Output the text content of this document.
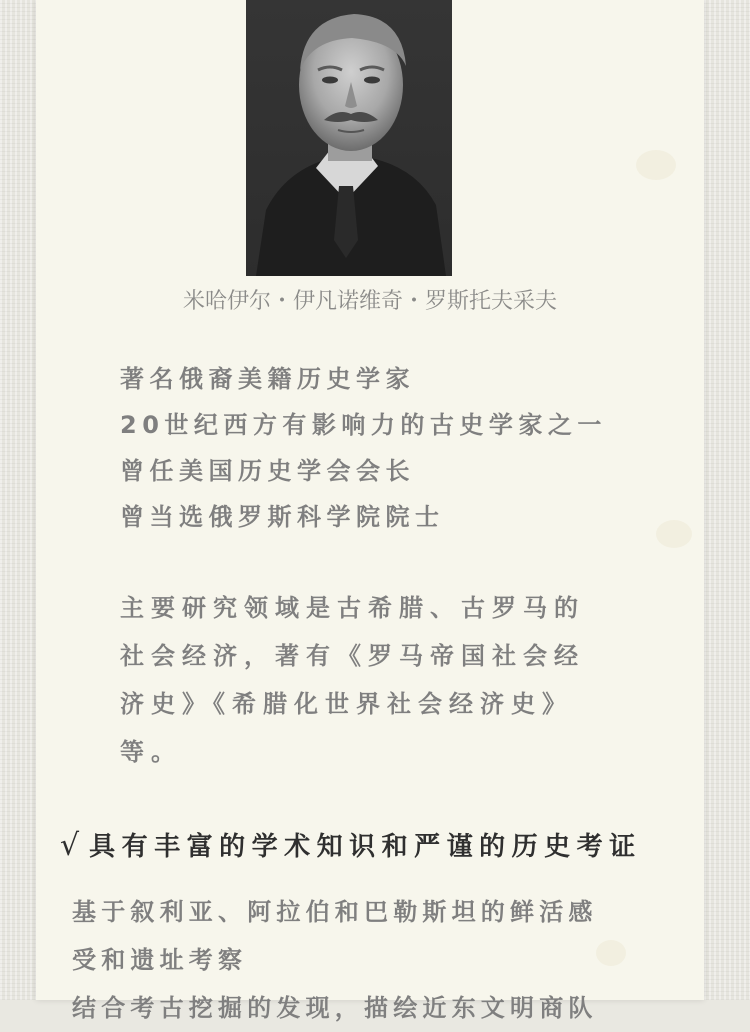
米哈伊尔・伊凡诺维奇・罗斯托夫采夫
著名俄裔美籍历史学家
20世纪西方有影响力的古史学家之一
曾任美国历史学会会长
曾当选俄罗斯科学院院士
主要研究领域是古希腊、古罗马的
社会经济，著有《罗马帝国社会经
济史》《希腊化世界社会经济史》
等。
√ 具有丰富的学术知识和严谨的历史考证
基于叙利亚、阿拉伯和巴勒斯坦的鲜活感
受和遗址考察
结合考古挖掘的发现，描绘近东文明商队
